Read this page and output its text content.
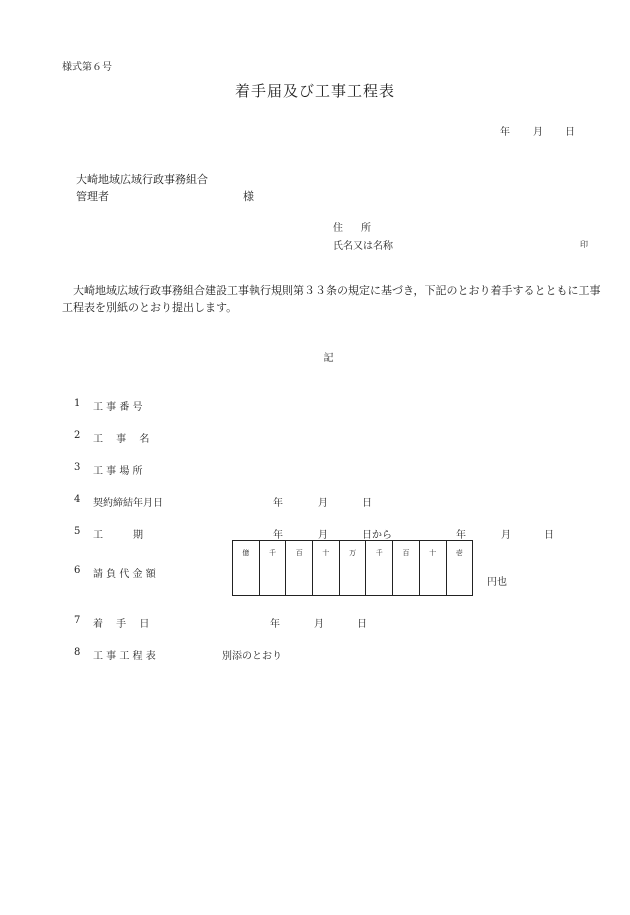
様式第６号
着手届及び工事工程表
年 月 日
大崎地域広域行政事務組合
管理者	様
住　所
氏名又は名称	印
大崎地域広域行政事務組合建設工事執行規則第３３条の規定に基づき，下記のとおり着手するとともに工事工程表を別紙のとおり提出します。
記
1 工 事 番 号
2 工　 事　 名
3 工 事 場 所
4 契約締結年月日	年	月	日
5 工　　　期	年	月	日から	年	月	日
6 請 負 代 金 額
億	千	百	十	万	千	百	十	壱
円也
7 着　 手　 日	年	月	日
8 工 事 工 程 表	別添のとおり
